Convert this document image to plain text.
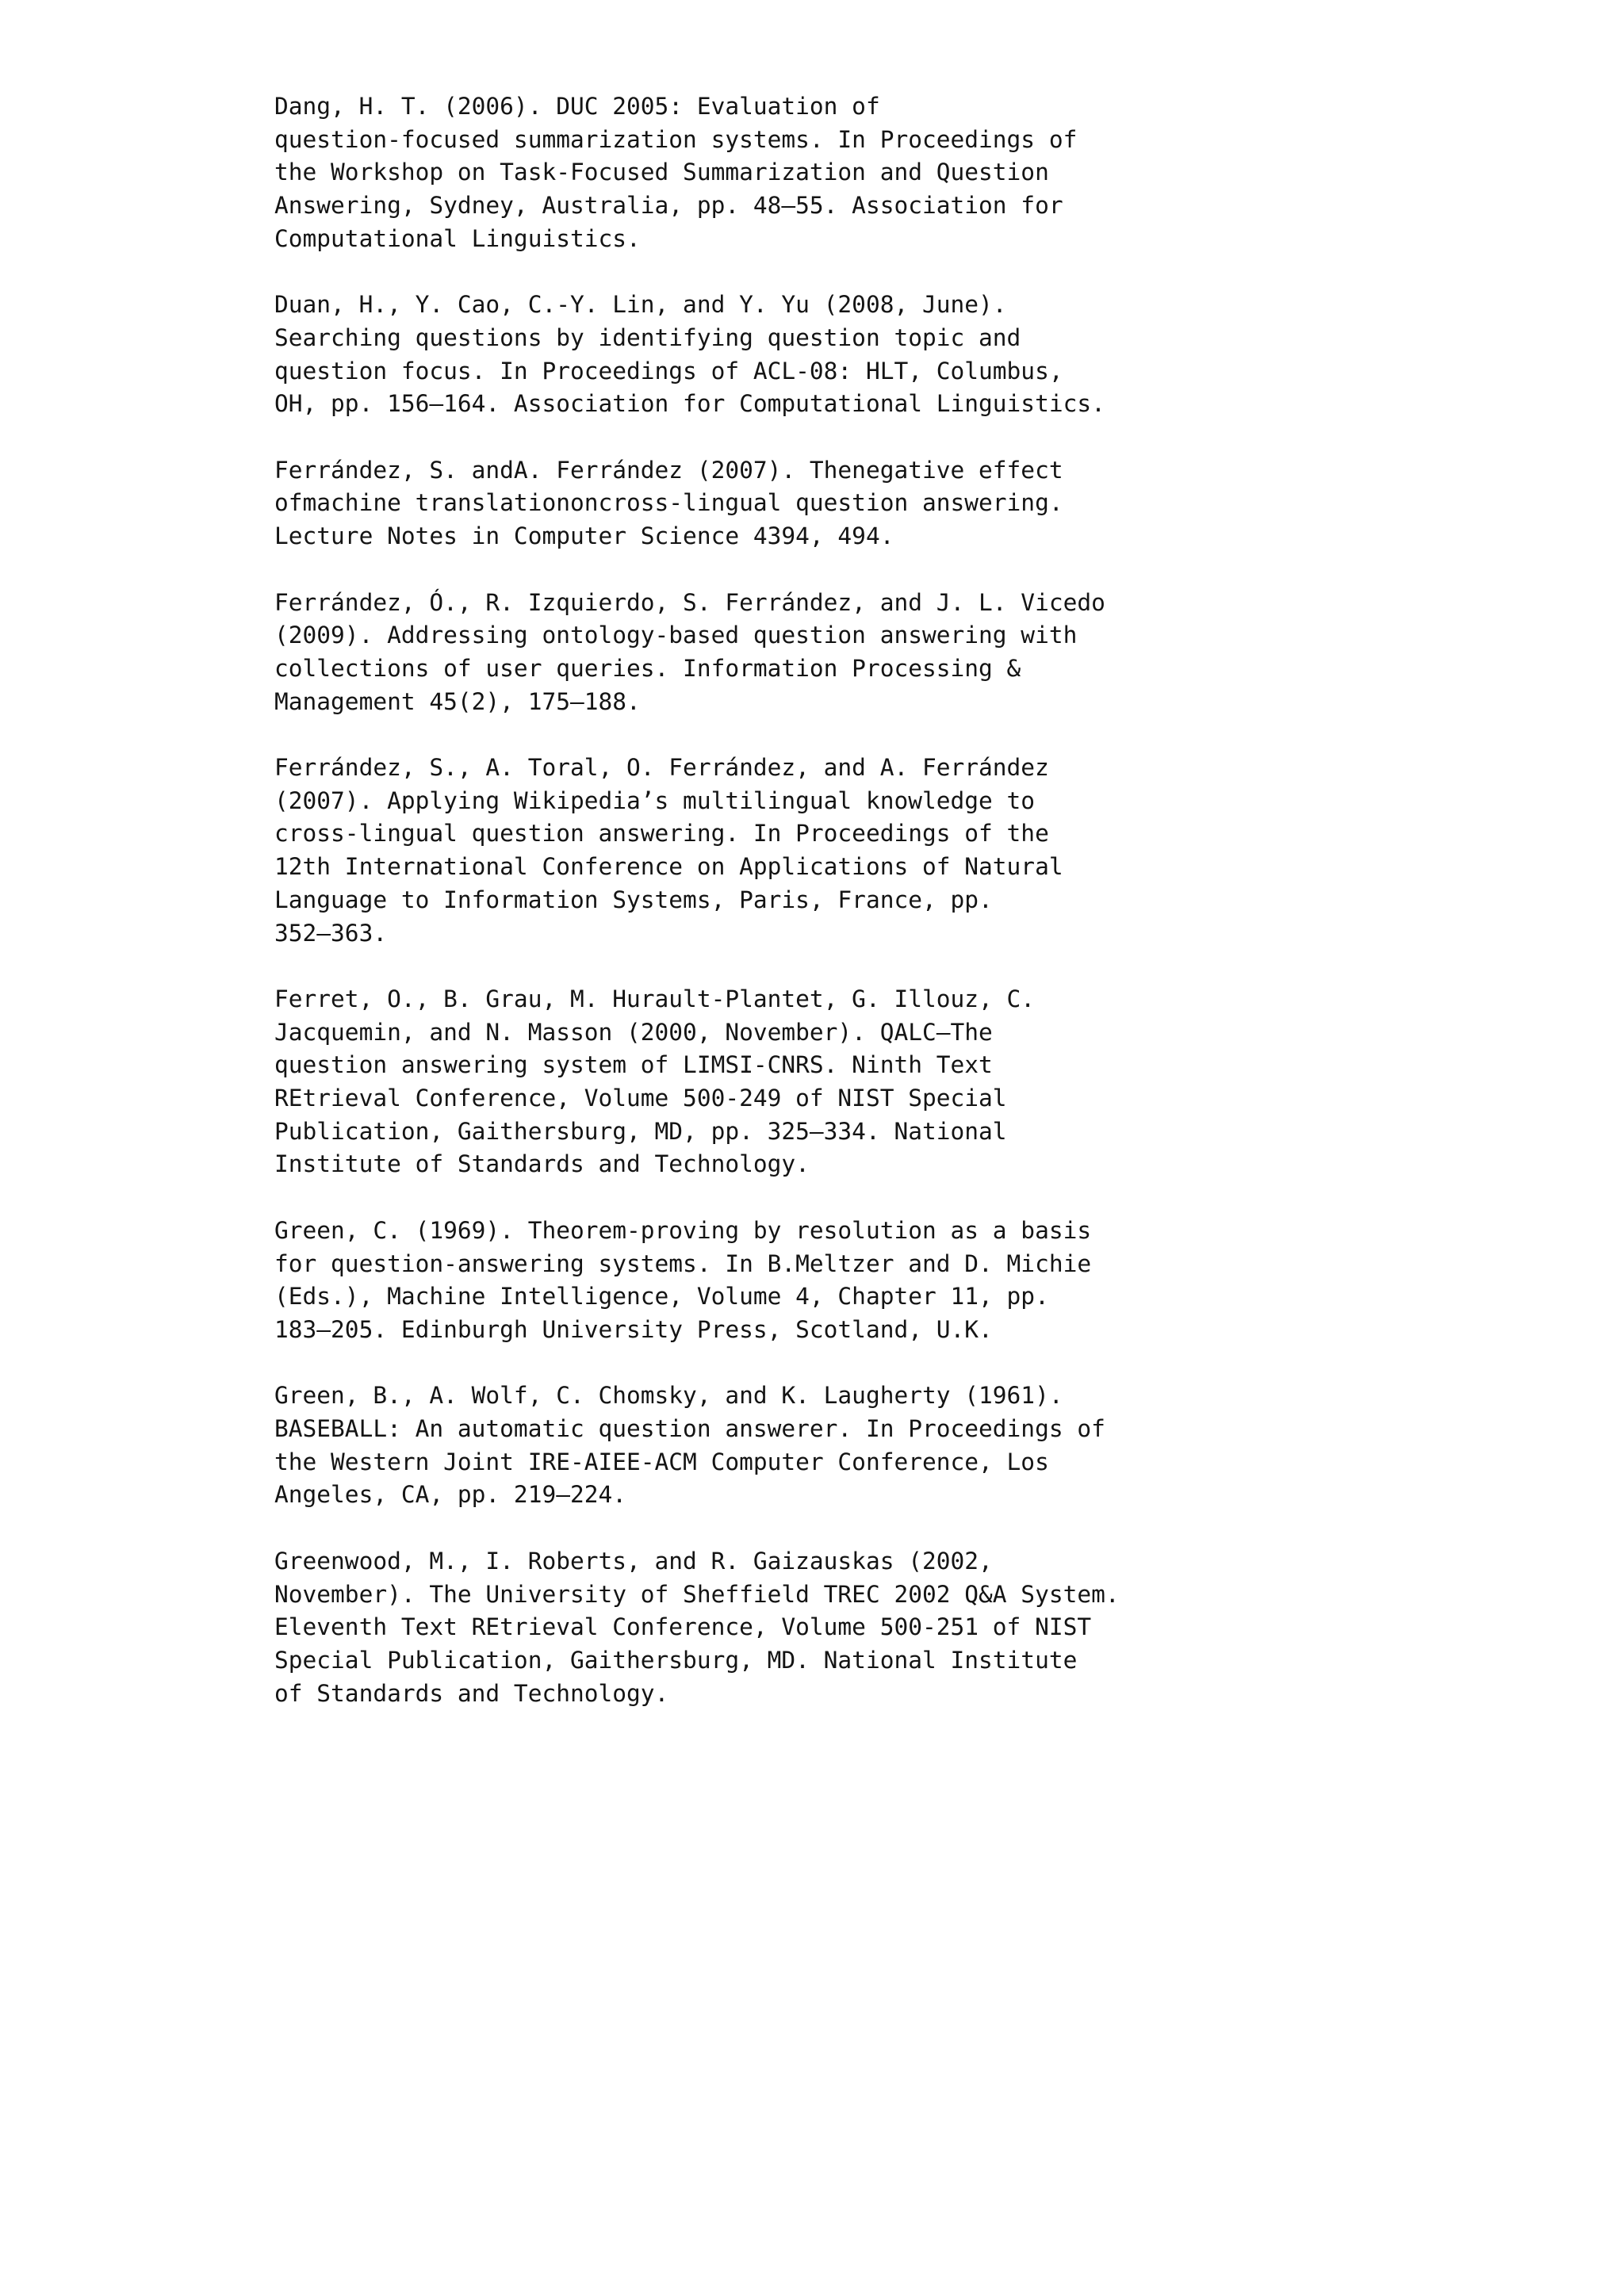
Dang, H. T. (2006). DUC 2005: Evaluation of
question-focused summarization systems. In Proceedings of
the Workshop on Task-Focused Summarization and Question
Answering, Sydney, Australia, pp. 48–55. Association for
Computational Linguistics.

Duan, H., Y. Cao, C.-Y. Lin, and Y. Yu (2008, June).
Searching questions by identifying question topic and
question focus. In Proceedings of ACL-08: HLT, Columbus,
OH, pp. 156–164. Association for Computational Linguistics.

Ferrández, S. andA. Ferrández (2007). Thenegative effect
ofmachine translationoncross-lingual question answering.
Lecture Notes in Computer Science 4394, 494.

Ferrández, Ó., R. Izquierdo, S. Ferrández, and J. L. Vicedo
(2009). Addressing ontology-based question answering with
collections of user queries. Information Processing &
Management 45(2), 175–188.

Ferrández, S., A. Toral, O. Ferrández, and A. Ferrández
(2007). Applying Wikipedia’s multilingual knowledge to
cross-lingual question answering. In Proceedings of the
12th International Conference on Applications of Natural
Language to Information Systems, Paris, France, pp.
352–363.

Ferret, O., B. Grau, M. Hurault-Plantet, G. Illouz, C.
Jacquemin, and N. Masson (2000, November). QALC—The
question answering system of LIMSI-CNRS. Ninth Text
REtrieval Conference, Volume 500-249 of NIST Special
Publication, Gaithersburg, MD, pp. 325–334. National
Institute of Standards and Technology.

Green, C. (1969). Theorem-proving by resolution as a basis
for question-answering systems. In B.Meltzer and D. Michie
(Eds.), Machine Intelligence, Volume 4, Chapter 11, pp.
183–205. Edinburgh University Press, Scotland, U.K.

Green, B., A. Wolf, C. Chomsky, and K. Laugherty (1961).
BASEBALL: An automatic question answerer. In Proceedings of
the Western Joint IRE-AIEE-ACM Computer Conference, Los
Angeles, CA, pp. 219–224.

Greenwood, M., I. Roberts, and R. Gaizauskas (2002,
November). The University of Sheffield TREC 2002 Q&A System.
Eleventh Text REtrieval Conference, Volume 500-251 of NIST
Special Publication, Gaithersburg, MD. National Institute
of Standards and Technology.
